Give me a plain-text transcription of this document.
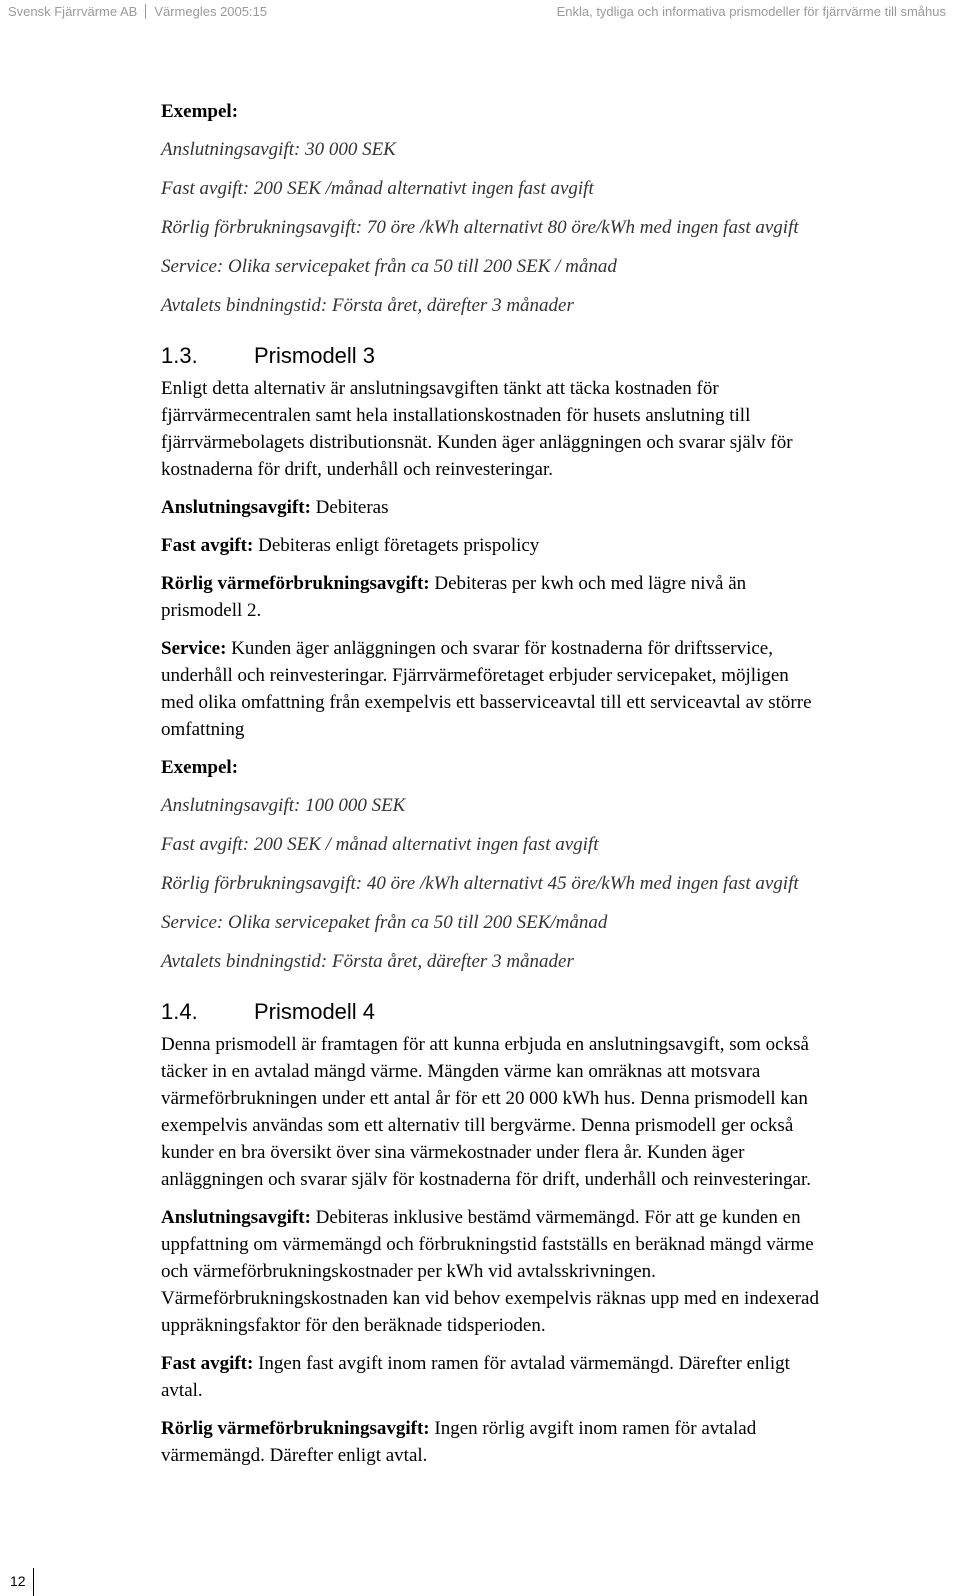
Svensk Fjärrvärme AB Värmegles 2005:15	Enkla, tydliga och informativa prismodeller för fjärrvärme till småhus
Exempel:
Anslutningsavgift: 30 000 SEK
Fast avgift: 200 SEK /månad alternativt ingen fast avgift
Rörlig förbrukningsavgift: 70 öre /kWh alternativt 80 öre/kWh med ingen fast avgift
Service: Olika servicepaket från ca 50 till 200 SEK / månad
Avtalets bindningstid: Första året, därefter 3 månader
1.3.	Prismodell 3
Enligt detta alternativ är anslutningsavgiften tänkt att täcka kostnaden för
fjärrvärmecentralen samt hela installationskostnaden för husets anslutning till
fjärrvärmebolagets distributionsnät. Kunden äger anläggningen och svarar själv för
kostnaderna för drift, underhåll och reinvesteringar.
Anslutningsavgift: Debiteras
Fast avgift: Debiteras enligt företagets prispolicy
Rörlig värmeförbrukningsavgift: Debiteras per kwh och med lägre nivå än
prismodell 2.
Service: Kunden äger anläggningen och svarar för kostnaderna för driftsservice,
underhåll och reinvesteringar. Fjärrvärmeföretaget erbjuder servicepaket, möjligen
med olika omfattning från exempelvis ett basserviceavtal till ett serviceavtal av större
omfattning
Exempel:
Anslutningsavgift: 100 000 SEK
Fast avgift: 200 SEK / månad alternativt ingen fast avgift
Rörlig förbrukningsavgift: 40 öre /kWh alternativt 45 öre/kWh med ingen fast avgift
Service: Olika servicepaket från ca 50 till 200 SEK/månad
Avtalets bindningstid: Första året, därefter 3 månader
1.4.	Prismodell 4
Denna prismodell är framtagen för att kunna erbjuda en anslutningsavgift, som också
täcker in en avtalad mängd värme. Mängden värme kan omräknas att motsvara
värmeförbrukningen under ett antal år för ett 20 000 kWh hus. Denna prismodell kan
exempelvis användas som ett alternativ till bergvärme. Denna prismodell ger också
kunder en bra översikt över sina värmekostnader under flera år. Kunden äger
anläggningen och svarar själv för kostnaderna för drift, underhåll och reinvesteringar.
Anslutningsavgift: Debiteras inklusive bestämd värmemängd. För att ge kunden en
uppfattning om värmemängd och förbrukningstid fastställs en beräknad mängd värme
och värmeförbrukningskostnader per kWh vid avtalsskrivningen.
Värmeförbrukningskostnaden kan vid behov exempelvis räknas upp med en indexerad
uppräkningsfaktor för den beräknade tidsperioden.
Fast avgift: Ingen fast avgift inom ramen för avtalad värmemängd. Därefter enligt
avtal.
Rörlig värmeförbrukningsavgift: Ingen rörlig avgift inom ramen för avtalad
värmemängd. Därefter enligt avtal.
12
